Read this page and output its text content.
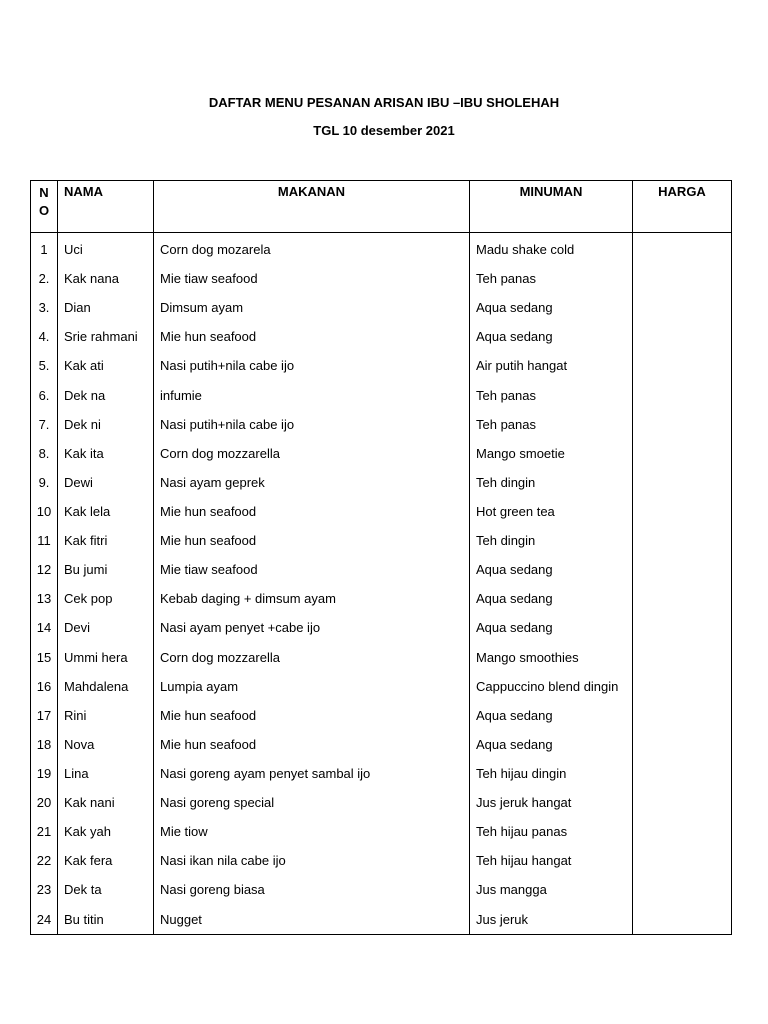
DAFTAR MENU PESANAN ARISAN IBU –IBU SHOLEHAH
TGL 10 desember 2021
N
O	NAMA	MAKANAN	MINUMAN	HARGA
1	Uci	Corn dog mozarela	Madu shake cold	
2.	Kak nana	Mie tiaw seafood	Teh panas	
3.	Dian	Dimsum ayam	Aqua sedang	
4.	Srie rahmani	Mie hun seafood	Aqua sedang	
5.	Kak ati	Nasi putih+nila cabe ijo	Air putih hangat	
6.	Dek na	infumie	Teh panas	
7.	Dek ni	Nasi putih+nila cabe ijo	Teh panas	
8.	Kak ita	Corn dog mozzarella	Mango smoetie	
9.	Dewi	Nasi ayam geprek	Teh dingin	
10	Kak lela	Mie hun seafood	Hot green tea	
11	Kak fitri	Mie hun seafood	Teh dingin	
12	Bu jumi	Mie tiaw seafood	Aqua sedang	
13	Cek pop	Kebab daging + dimsum ayam	Aqua sedang	
14	Devi	Nasi ayam penyet +cabe ijo	Aqua sedang	
15	Ummi hera	Corn dog mozzarella	Mango smoothies	
16	Mahdalena	Lumpia ayam	Cappuccino blend dingin	
17	Rini	Mie hun seafood	Aqua sedang	
18	Nova	Mie hun seafood	Aqua sedang	
19	Lina	Nasi goreng ayam penyet sambal ijo	Teh hijau dingin	
20	Kak nani	Nasi goreng special	Jus jeruk hangat	
21	Kak yah	Mie tiow	Teh hijau panas	
22	Kak fera	Nasi ikan nila cabe ijo	Teh hijau hangat	
23	Dek ta	Nasi goreng biasa	Jus mangga	
24	Bu titin	Nugget	Jus jeruk	
